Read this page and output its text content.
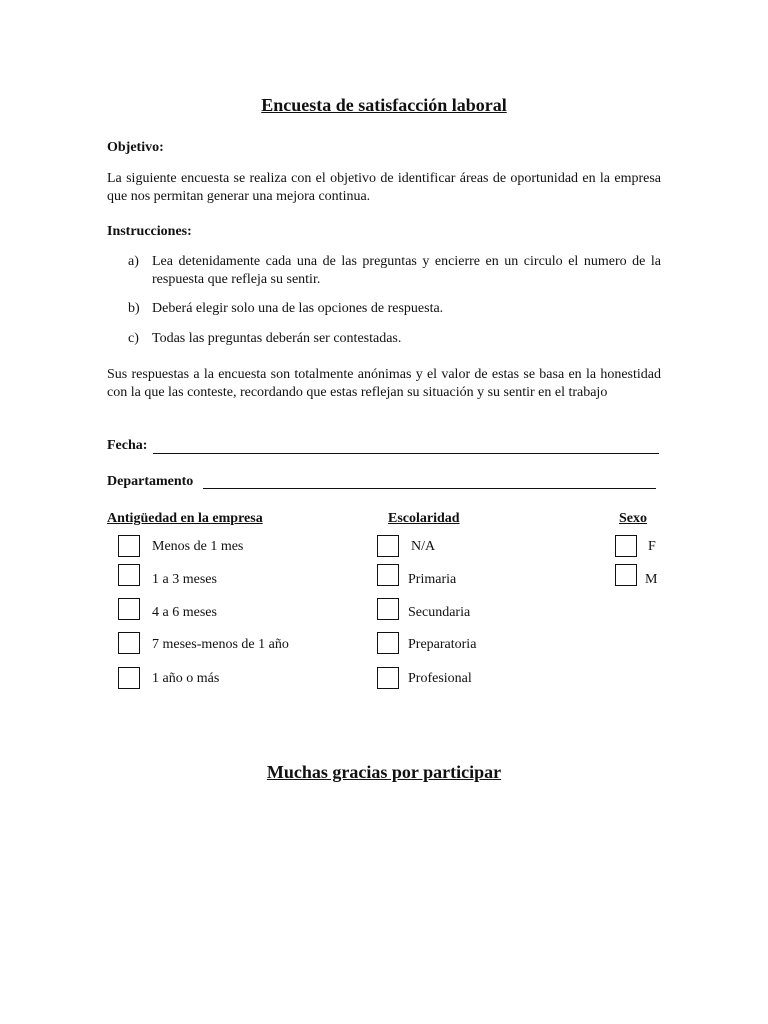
Encuesta de satisfacción laboral
Objetivo:
La siguiente encuesta se realiza con el objetivo de identificar áreas de oportunidad en la empresa que nos permitan generar una mejora continua.
Instrucciones:
a) Lea detenidamente cada una de las preguntas y encierre en un circulo el numero de la respuesta que refleja su sentir.
b) Deberá elegir solo una de las opciones de respuesta.
c) Todas las preguntas deberán ser contestadas.
Sus respuestas a la encuesta son totalmente anónimas y el valor de estas se basa en la honestidad con la que las conteste, recordando que estas reflejan su situación y su sentir en el trabajo
Fecha:
Departamento
Antigüedad en la empresa	Escolaridad	Sexo
Menos de 1 mes
1 a 3 meses
4 a 6 meses
7 meses-menos de 1 año
1 año o más
N/A
Primaria
Secundaria
Preparatoria
Profesional
F
M
Muchas gracias por participar
